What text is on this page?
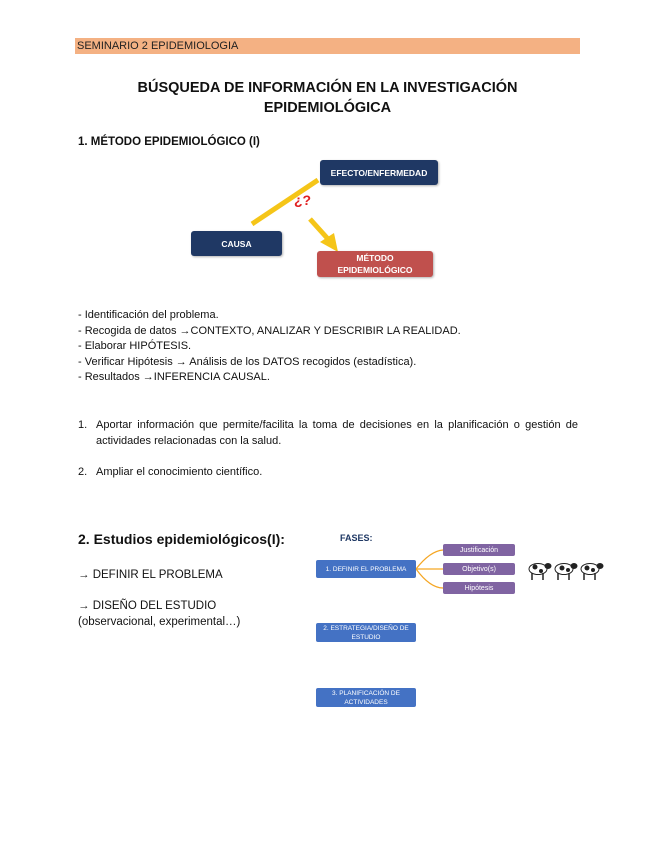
SEMINARIO 2 EPIDEMIOLOGIA
BÚSQUEDA DE INFORMACIÓN EN LA INVESTIGACIÓN
EPIDEMIOLÓGICA
1. MÉTODO EPIDEMIOLÓGICO (I)
EFECTO/ENFERMEDAD
CAUSA
¿?
MÉTODO
EPIDEMIOLÓGICO
- Identificación del problema.
- Recogida de datos →CONTEXTO, ANALIZAR Y DESCRIBIR LA REALIDAD.
- Elaborar HIPÓTESIS.
- Verificar Hipótesis → Análisis de los DATOS recogidos (estadística).
- Resultados →INFERENCIA CAUSAL.
1. Aportar información que permite/facilita la toma de decisiones en la planificación o gestión de actividades relacionadas con la salud.
2. Ampliar el conocimiento científico.
2. Estudios epidemiológicos(I):
→ DEFINIR EL PROBLEMA
→ DISEÑO DEL ESTUDIO
(observacional, experimental…)
FASES:
1. DEFINIR EL PROBLEMA
2. ESTRATEGIA/DISEÑO DE
ESTUDIO
3. PLANIFICACIÓN DE
ACTIVIDADES
Justificación
Objetivo(s)
Hipótesis
